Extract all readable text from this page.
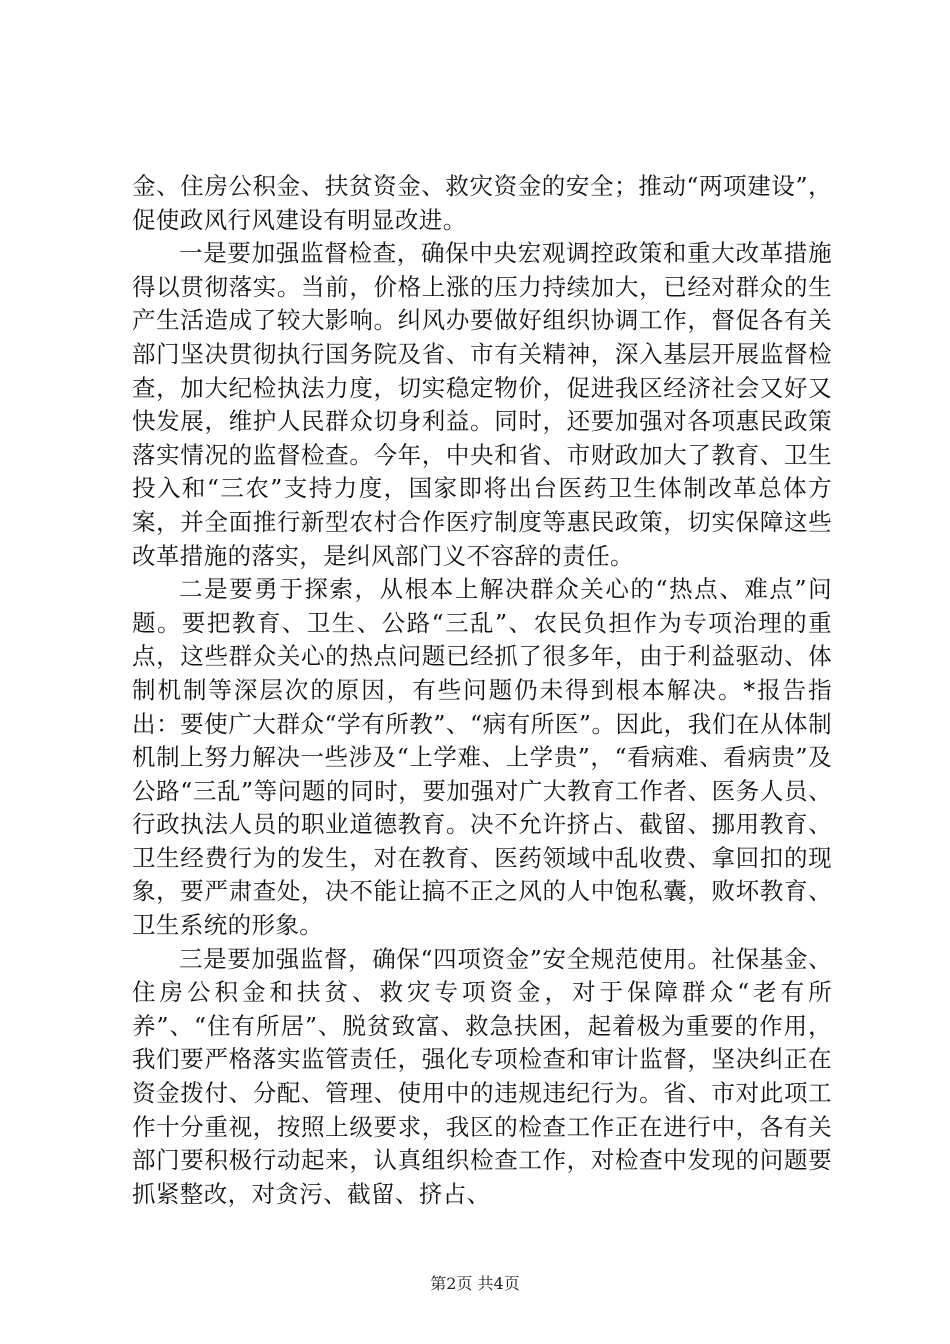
金、住房公积金、扶贫资金、救灾资金的安全；推动“两项建设”，促使政风行风建设有明显改进。

一是要加强监督检查，确保中央宏观调控政策和重大改革措施得以贯彻落实。当前，价格上涨的压力持续加大，已经对群众的生产生活造成了较大影响。纠风办要做好组织协调工作，督促各有关部门坚决贯彻执行国务院及省、市有关精神，深入基层开展监督检查，加大纪检执法力度，切实稳定物价，促进我区经济社会又好又快发展，维护人民群众切身利益。同时，还要加强对各项惠民政策落实情况的监督检查。今年，中央和省、市财政加大了教育、卫生投入和“三农”支持力度，国家即将出台医药卫生体制改革总体方案，并全面推行新型农村合作医疗制度等惠民政策，切实保障这些改革措施的落实，是纠风部门义不容辞的责任。

二是要勇于探索，从根本上解决群众关心的“热点、难点”问题。要把教育、卫生、公路“三乱”、农民负担作为专项治理的重点，这些群众关心的热点问题已经抓了很多年，由于利益驱动、体制机制等深层次的原因，有些问题仍未得到根本解决。*报告指出：要使广大群众“学有所教”、“病有所医”。因此，我们在从体制机制上努力解决一些涉及“上学难、上学贵”，“看病难、看病贵”及公路“三乱”等问题的同时，要加强对广大教育工作者、医务人员、行政执法人员的职业道德教育。决不允许挤占、截留、挪用教育、卫生经费行为的发生，对在教育、医药领域中乱收费、拿回扣的现象，要严肃查处，决不能让搞不正之风的人中饱私囊，败坏教育、卫生系统的形象。

三是要加强监督，确保“四项资金”安全规范使用。社保基金、住房公积金和扶贫、救灾专项资金，对于保障群众“老有所养”、“住有所居”、脱贫致富、救急扶困，起着极为重要的作用，我们要严格落实监管责任，强化专项检查和审计监督，坚决纠正在资金拨付、分配、管理、使用中的违规违纪行为。省、市对此项工作十分重视，按照上级要求，我区的检查工作正在进行中，各有关部门要积极行动起来，认真组织检查工作，对检查中发现的问题要抓紧整改，对贪污、截留、挤占、

第2页 共4页
